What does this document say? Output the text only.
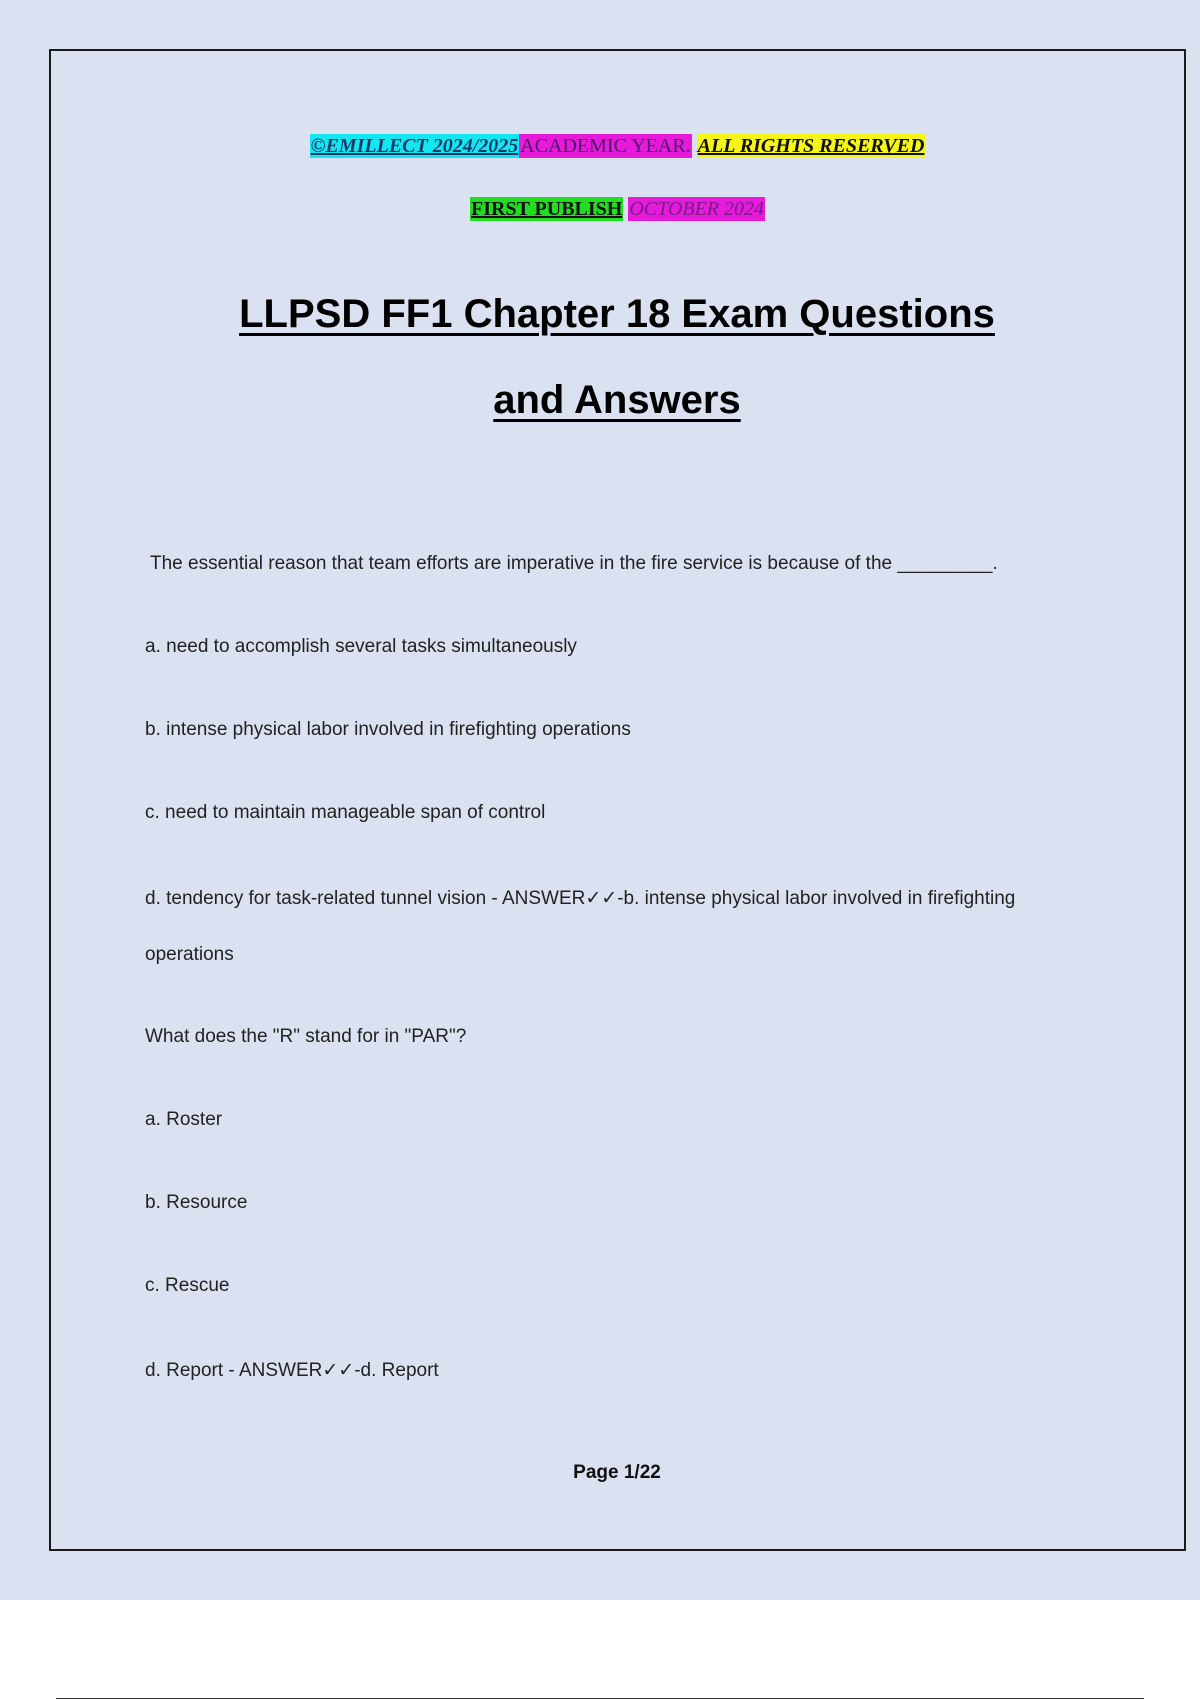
©EMILLECT 2024/2025 ACADEMIC YEAR. ALL RIGHTS RESERVED
FIRST PUBLISH OCTOBER 2024
LLPSD FF1 Chapter 18 Exam Questions
and Answers
The essential reason that team efforts are imperative in the fire service is because of the _________.
a. need to accomplish several tasks simultaneously
b. intense physical labor involved in firefighting operations
c. need to maintain manageable span of control
d. tendency for task-related tunnel vision - ANSWER✓✓-b. intense physical labor involved in firefighting
operations
What does the "R" stand for in "PAR"?
a. Roster
b. Resource
c. Rescue
d. Report - ANSWER✓✓-d. Report
Page 1/22
